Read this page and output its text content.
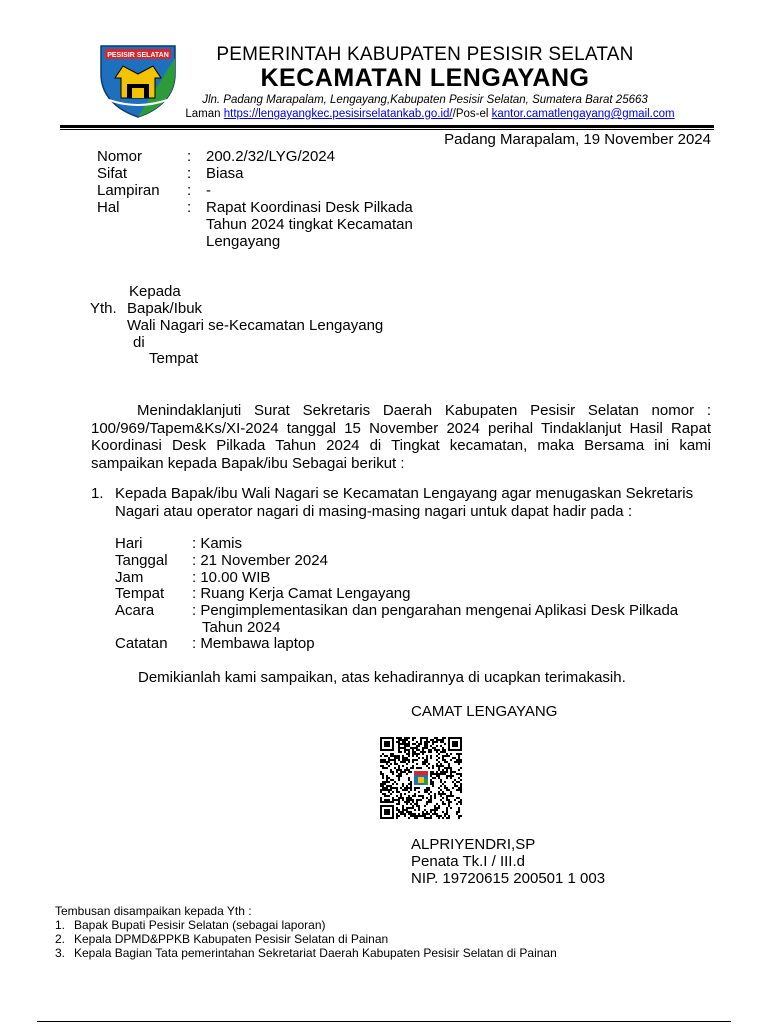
PESISIR SELATAN	PEMERINTAH KABUPATEN PESISIR SELATAN
KECAMATAN LENGAYANG
Jln. Padang Marapalam, Lengayang,Kabupaten Pesisir Selatan, Sumatera Barat 25663
Laman https://lengayangkec.pesisirselatankab.go.id//Pos-el kantor.camatlengayang@gmail.com
Padang Marapalam, 19 November 2024
Nomor	: 200.2/32/LYG/2024
Sifat	: Biasa
Lampiran	: -
Hal	: Rapat Koordinasi Desk Pilkada Tahun 2024 tingkat Kecamatan Lengayang
Kepada
Yth. Bapak/Ibuk
Wali Nagari se-Kecamatan Lengayang
di
Tempat
Menindaklanjuti Surat Sekretaris Daerah Kabupaten Pesisir Selatan nomor : 100/969/Tapem&Ks/XI-2024 tanggal 15 November 2024 perihal Tindaklanjut Hasil Rapat Koordinasi Desk Pilkada Tahun 2024 di Tingkat kecamatan, maka Bersama ini kami sampaikan kepada Bapak/ibu Sebagai berikut :
1. Kepada Bapak/ibu Wali Nagari se Kecamatan Lengayang agar menugaskan Sekretaris Nagari atau operator nagari di masing-masing nagari untuk dapat hadir pada :
Hari	: Kamis
Tanggal	: 21 November 2024
Jam	: 10.00 WIB
Tempat	: Ruang Kerja Camat Lengayang
Acara	: Pengimplementasikan dan pengarahan mengenai Aplikasi Desk Pilkada
Tahun 2024
Catatan	: Membawa laptop
Demikianlah kami sampaikan, atas kehadirannya di ucapkan terimakasih.
CAMAT LENGAYANG
ALPRIYENDRI,SP
Penata Tk.I / III.d
NIP. 19720615 200501 1 003
Tembusan disampaikan kepada Yth :
1. Bapak Bupati Pesisir Selatan (sebagai laporan)
2. Kepala DPMD&PPKB Kabupaten Pesisir Selatan di Painan
3. Kepala Bagian Tata pemerintahan Sekretariat Daerah Kabupaten Pesisir Selatan di Painan
